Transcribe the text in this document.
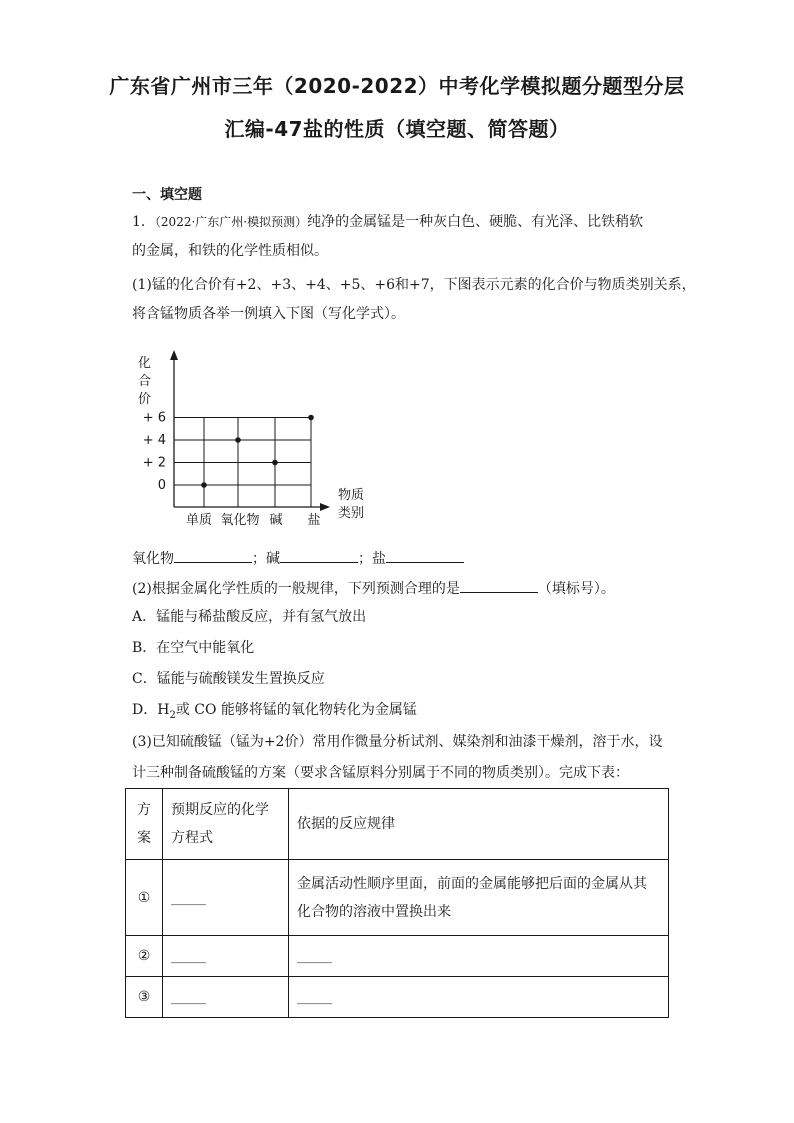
广东省广州市三年（2020-2022）中考化学模拟题分题型分层
汇编-47盐的性质（填空题、简答题）
一、填空题
1．（2022·广东广州·模拟预测）纯净的金属锰是一种灰白色、硬脆、有光泽、比铁稍软
的金属，和铁的化学性质相似。
(1)锰的化合价有+2、+3、+4、+5、+6和+7，下图表示元素的化合价与物质类别关系，
将含锰物质各举一例填入下图（写化学式）。
化合价
+ 6
+ 4
+ 2
0
单质 氧化物 碱 盐
物质类别
氧化物	；碱	；盐
(2)根据金属化学性质的一般规律，下列预测合理的是	（填标号）。
A．锰能与稀盐酸反应，并有氢气放出
B．在空气中能氧化
C．锰能与硫酸镁发生置换反应
D．$H_2$或 CO 能够将锰的氧化物转化为金属锰
(3)已知硫酸锰（锰为+2价）常用作微量分析试剂、媒染剂和油漆干燥剂，溶于水，设
计三种制备硫酸锰的方案（要求含锰原料分别属于不同的物质类别）。完成下表：
方案	预期反应的化学方程式	依据的反应规律
①	_____	金属活动性顺序里面，前面的金属能够把后面的金属从其化合物的溶液中置换出来
②	_____	_____
③	_____	_____
